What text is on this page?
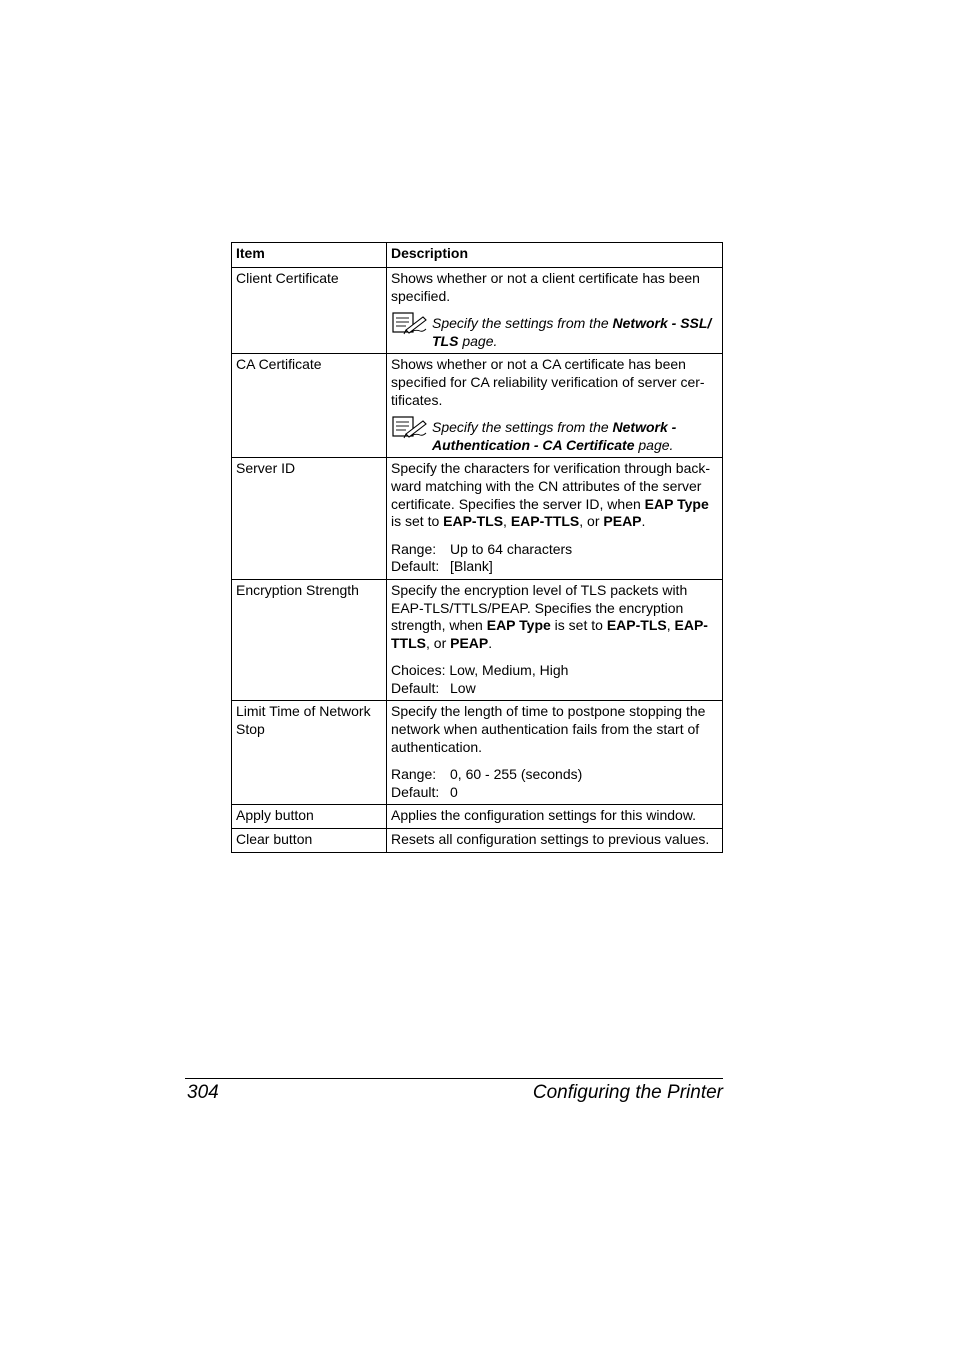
Item	Description
Client Certificate	Shows whether or not a client certificate has been specified.

Specify the settings from the Network - SSL/ TLS page.

CA Certificate	Shows whether or not a CA certificate has been specified for CA reliability verification of server cer- tificates.

Specify the settings from the Network - Authentication - CA Certificate page.

Server ID	Specify the characters for verification through back- ward matching with the CN attributes of the server certificate. Specifies the server ID, when EAP Type is set to EAP-TLS, EAP-TTLS, or PEAP.

Range: Up to 64 characters
Default: [Blank]

Encryption Strength	Specify the encryption level of TLS packets with EAP-TLS/TTLS/PEAP. Specifies the encryption strength, when EAP Type is set to EAP-TLS, EAP-TTLS, or PEAP.

Choices: Low, Medium, High
Default: Low

Limit Time of Network Stop	Specify the length of time to postpone stopping the network when authentication fails from the start of authentication.

Range: 0, 60 - 255 (seconds)
Default: 0

Apply button	Applies the configuration settings for this window.
Clear button	Resets all configuration settings to previous values.
304	Configuring the Printer
